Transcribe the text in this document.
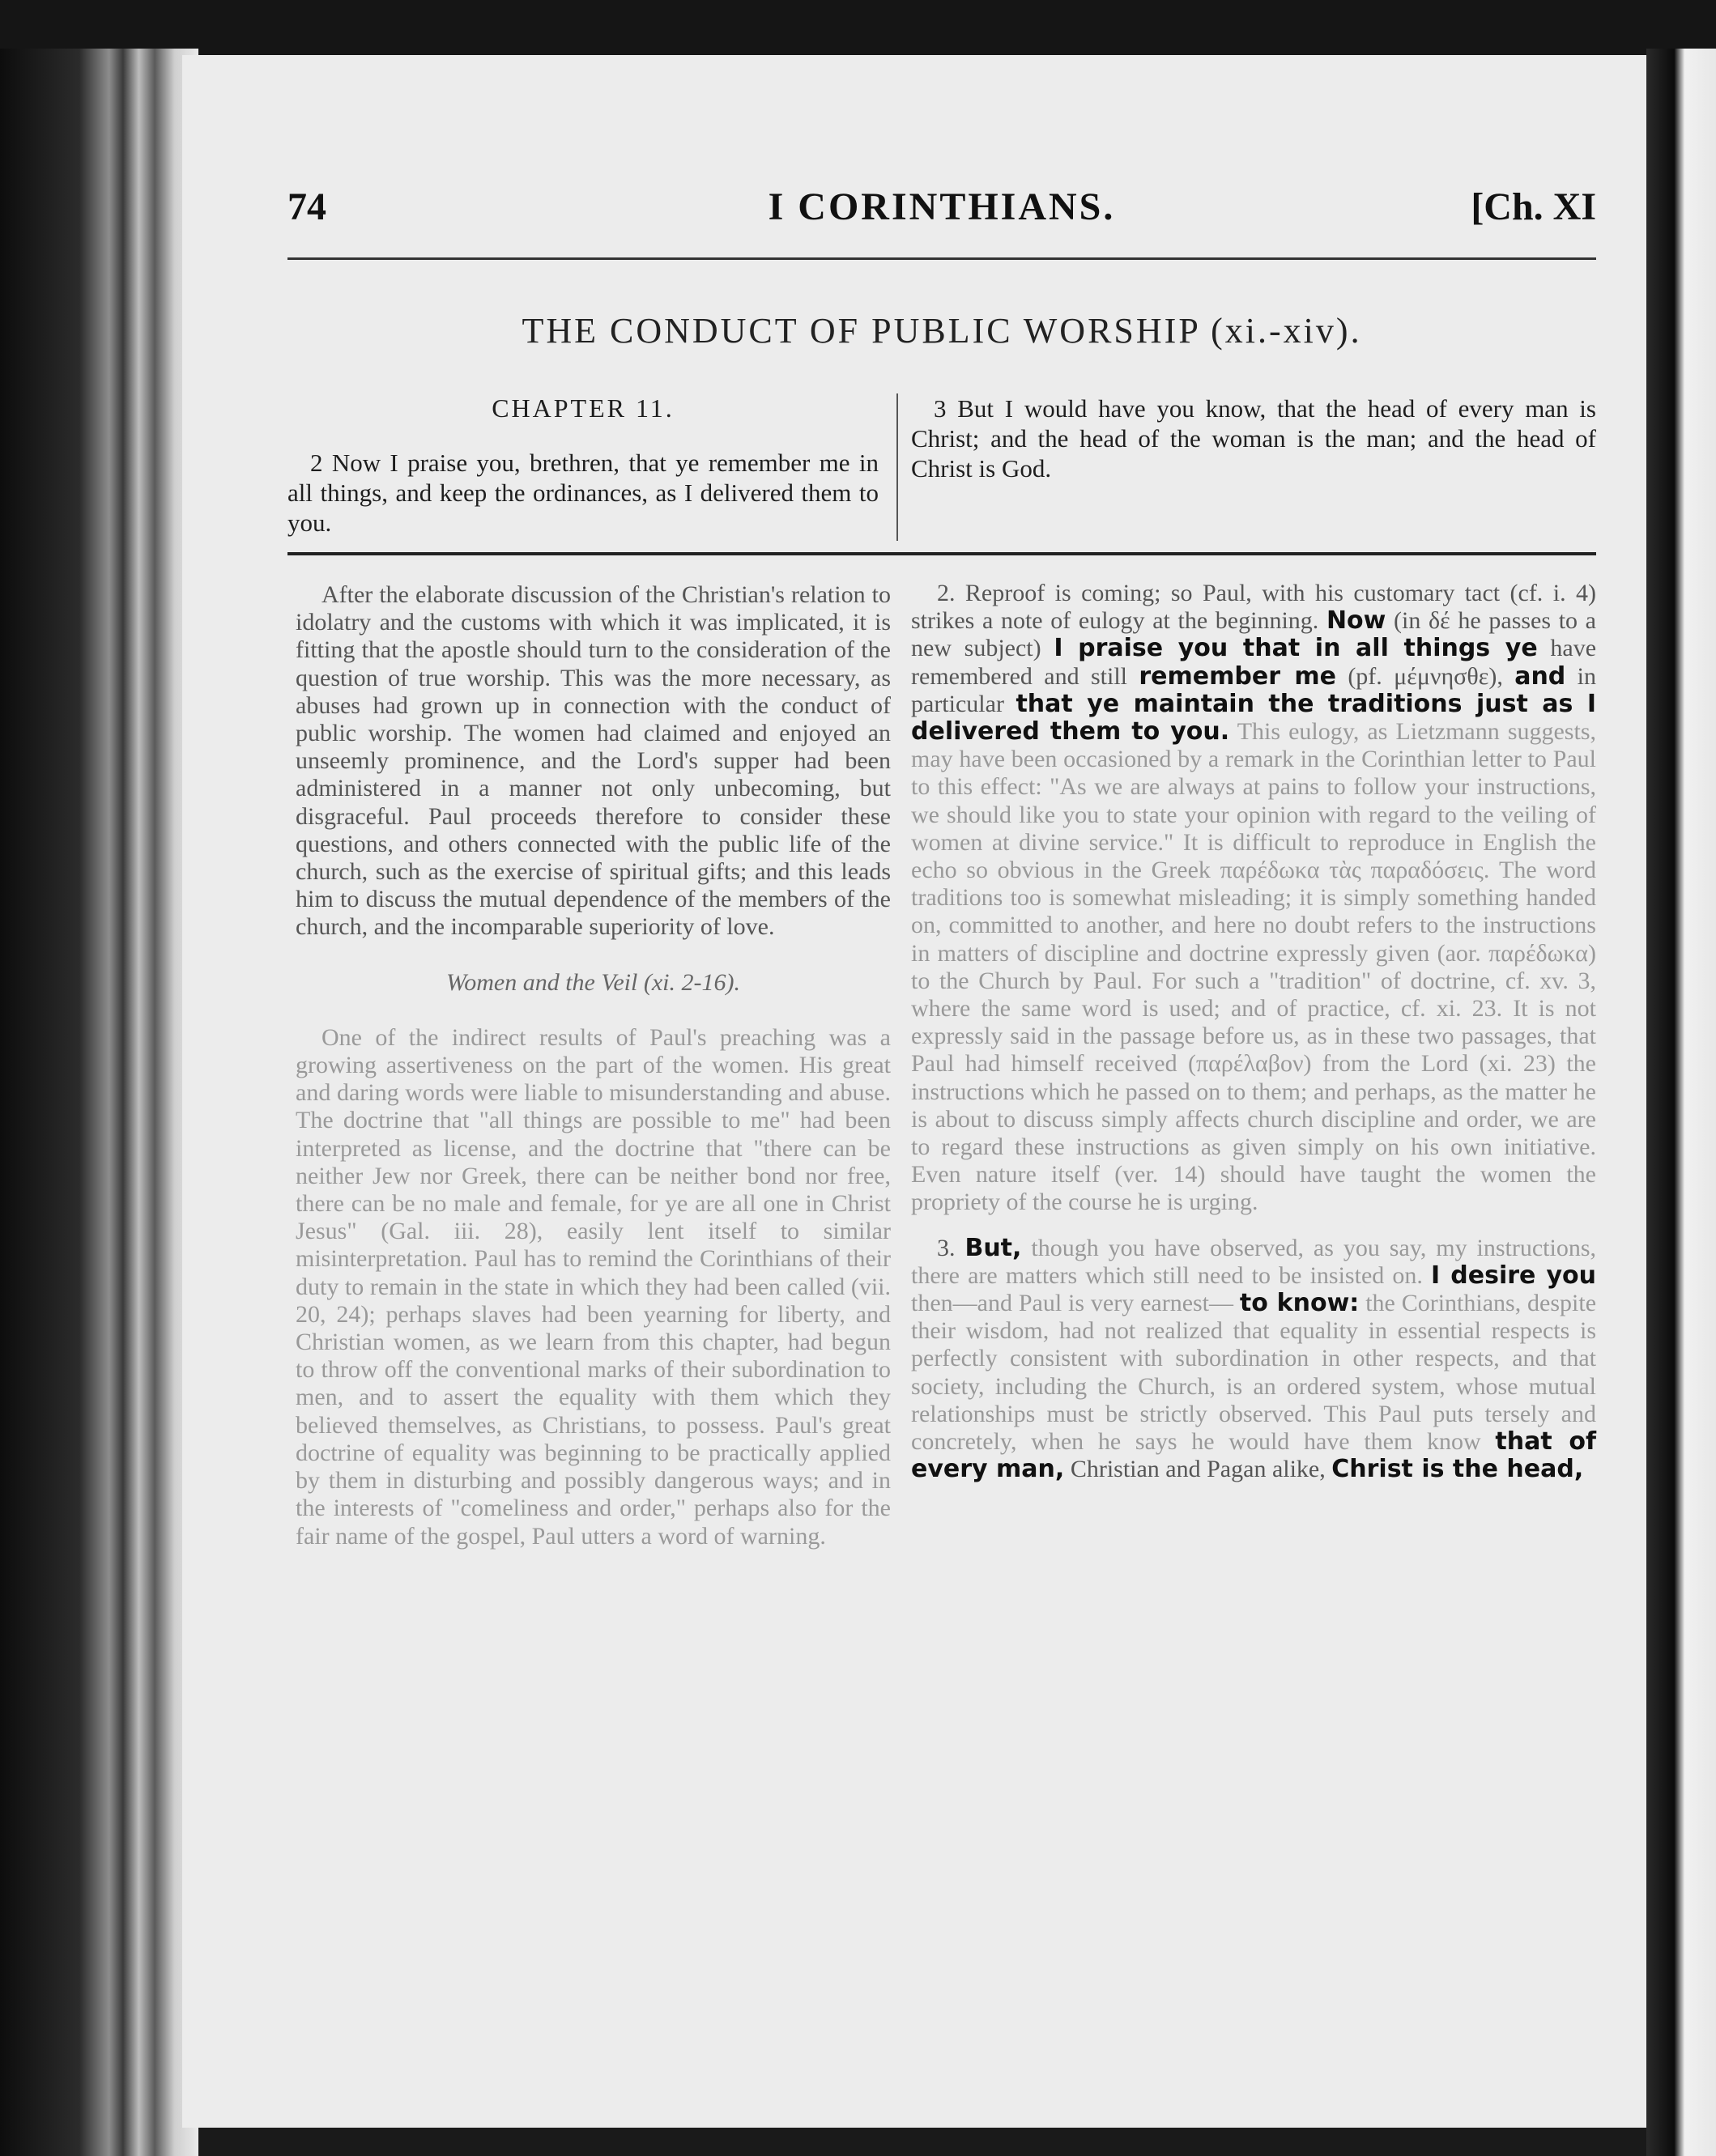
74	I CORINTHIANS.	[Ch. XI
THE CONDUCT OF PUBLIC WORSHIP (xi.-xiv).
CHAPTER 11.
2 Now I praise you, brethren, that ye remember me in all things, and keep the ordinances, as I delivered them to you.
3 But I would have you know, that the head of every man is Christ; and the head of the woman is the man; and the head of Christ is God.

After the elaborate discussion of the Christian's relation to idolatry and the customs with which it was implicated, it is fitting that the apostle should turn to the consideration of the question of true worship. This was the more necessary, as abuses had grown up in connection with the conduct of public worship. The women had claimed and enjoyed an unseemly prominence, and the Lord's supper had been administered in a manner not only unbecoming, but disgraceful. Paul proceeds therefore to consider these questions, and others connected with the public life of the church, such as the exercise of spiritual gifts; and this leads him to discuss the mutual dependence of the members of the church, and the incomparable superiority of love.

Women and the Veil (xi. 2-16).

One of the indirect results of Paul's preaching was a growing assertiveness on the part of the women. His great and daring words were liable to misunderstanding and abuse. The doctrine that "all things are possible to me" had been interpreted as license, and the doctrine that "there can be neither Jew nor Greek, there can be neither bond nor free, there can be no male and female, for ye are all one in Christ Jesus" (Gal. iii. 28), easily lent itself to similar misinterpretation. Paul has to remind the Corinthians of their duty to remain in the state in which they had been called (vii. 20, 24); perhaps slaves had been yearning for liberty, and Christian women, as we learn from this chapter, had begun to throw off the conventional marks of their subordination to men, and to assert the equality with them which they believed themselves, as Christians, to possess. Paul's great doctrine of equality was beginning to be practically applied by them in disturbing and possibly dangerous ways; and in the interests of "comeliness and order," perhaps also for the fair name of the gospel, Paul utters a word of warning.

2. Reproof is coming; so Paul, with his customary tact (cf. i. 4) strikes a note of eulogy at the beginning. Now (in δέ he passes to a new subject) I praise you that in all things ye have remembered and still remember me (pf. μέμνησθε), and in particular that ye maintain the traditions just as I delivered them to you. This eulogy, as Lietzmann suggests, may have been occasioned by a remark in the Corinthian letter to Paul to this effect: "As we are always at pains to follow your instructions, we should like you to state your opinion with regard to the veiling of women at divine service." It is difficult to reproduce in English the echo so obvious in the Greek παρέδωκα τὰς παραδόσεις. The word traditions too is somewhat misleading; it is simply something handed on, committed to another, and here no doubt refers to the instructions in matters of discipline and doctrine expressly given (aor. παρέδωκα) to the Church by Paul. For such a "tradition" of doctrine, cf. xv. 3, where the same word is used; and of practice, cf. xi. 23. It is not expressly said in the passage before us, as in these two passages, that Paul had himself received (παρέλαβον) from the Lord (xi. 23) the instructions which he passed on to them; and perhaps, as the matter he is about to discuss simply affects church discipline and order, we are to regard these instructions as given simply on his own initiative. Even nature itself (ver. 14) should have taught the women the propriety of the course he is urging.

3. But, though you have observed, as you say, my instructions, there are matters which still need to be insisted on. I desire you then—and Paul is very earnest— to know: the Corinthians, despite their wisdom, had not realized that equality in essential respects is perfectly consistent with subordination in other respects, and that society, including the Church, is an ordered system, whose mutual relationships must be strictly observed. This Paul puts tersely and concretely, when he says he would have them know that of every man, Christian and Pagan alike, Christ is the head,
